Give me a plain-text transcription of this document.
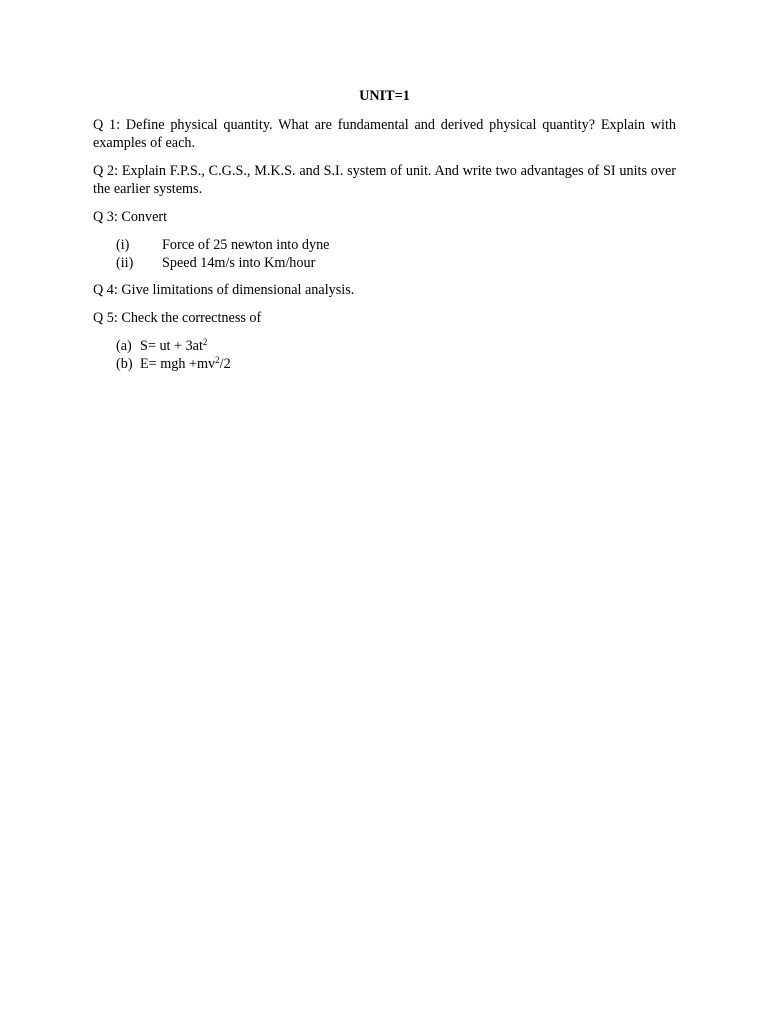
UNIT=1

Q 1: Define physical quantity. What are fundamental and derived physical quantity? Explain with examples of each.

Q 2: Explain F.P.S., C.G.S., M.K.S. and S.I. system of unit. And write two advantages of SI units over the earlier systems.

Q 3: Convert

(i)	Force of 25 newton into dyne
(ii)	Speed 14m/s into Km/hour

Q 4: Give limitations of dimensional analysis.

Q 5: Check the correctness of

(a) S= ut + $3at^2$
(b) E= mgh $+mv^2/2$
